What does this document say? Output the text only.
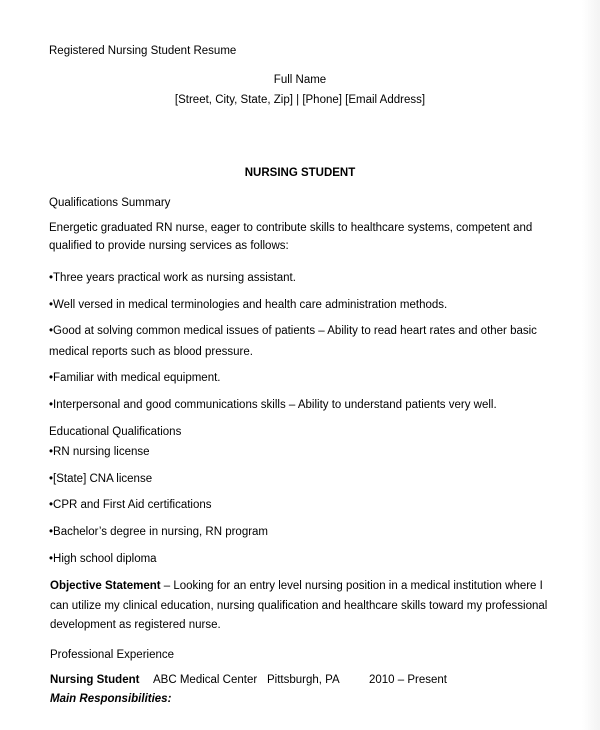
Registered Nursing Student Resume
Full Name
[Street, City, State, Zip] | [Phone] [Email Address]
NURSING STUDENT
Qualifications Summary
Energetic graduated RN nurse, eager to contribute skills to healthcare systems, competent and
qualified to provide nursing services as follows:
•Three years practical work as nursing assistant.
•Well versed in medical terminologies and health care administration methods.
•Good at solving common medical issues of patients – Ability to read heart rates and other basic
medical reports such as blood pressure.
•Familiar with medical equipment.
•Interpersonal and good communications skills – Ability to understand patients very well.
Educational Qualifications
•RN nursing license
•[State] CNA license
•CPR and First Aid certifications
•Bachelor’s degree in nursing, RN program
•High school diploma
Objective Statement – Looking for an entry level nursing position in a medical institution where I
can utilize my clinical education, nursing qualification and healthcare skills toward my professional
development as registered nurse.
Professional Experience
Nursing Student ABC Medical Center Pittsburgh, PA	2010 – Present
Main Responsibilities:
